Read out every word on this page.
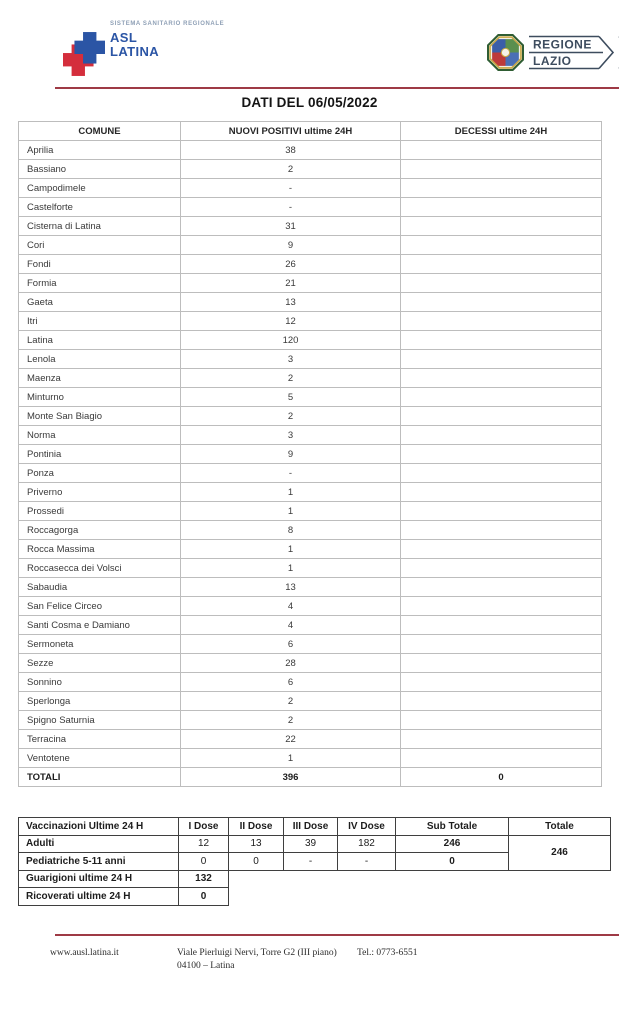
SISTEMA SANITARIO REGIONALE
ASL
LATINA	REGIONE
LAZIO
DATI DEL 06/05/2022
COMUNE	NUOVI POSITIVI ultime 24H	DECESSI ultime 24H
Aprilia	38	
Bassiano	2	
Campodimele	-	
Castelforte	-	
Cisterna di Latina	31	
Cori	9	
Fondi	26	
Formia	21	
Gaeta	13	
Itri	12	
Latina	120	
Lenola	3	
Maenza	2	
Minturno	5	
Monte San Biagio	2	
Norma	3	
Pontinia	9	
Ponza	-	
Priverno	1	
Prossedi	1	
Roccagorga	8	
Rocca Massima	1	
Roccasecca dei Volsci	1	
Sabaudia	13	
San Felice Circeo	4	
Santi Cosma e Damiano	4	
Sermoneta	6	
Sezze	28	
Sonnino	6	
Sperlonga	2	
Spigno Saturnia	2	
Terracina	22	
Ventotene	1	
TOTALI	396	0
Vaccinazioni Ultime 24 H	I Dose	II Dose	III Dose	IV Dose	Sub Totale	Totale
Adulti	12	13	39	182	246	246
Pediatriche 5-11 anni	0	0	-	-	0	
Guarigioni ultime 24 H	132					
Ricoverati ultime 24 H	0					
www.ausl.latina.it	Viale Pierluigi Nervi, Torre G2 (III piano)
04100 – Latina
Tel.: 0773-6551
